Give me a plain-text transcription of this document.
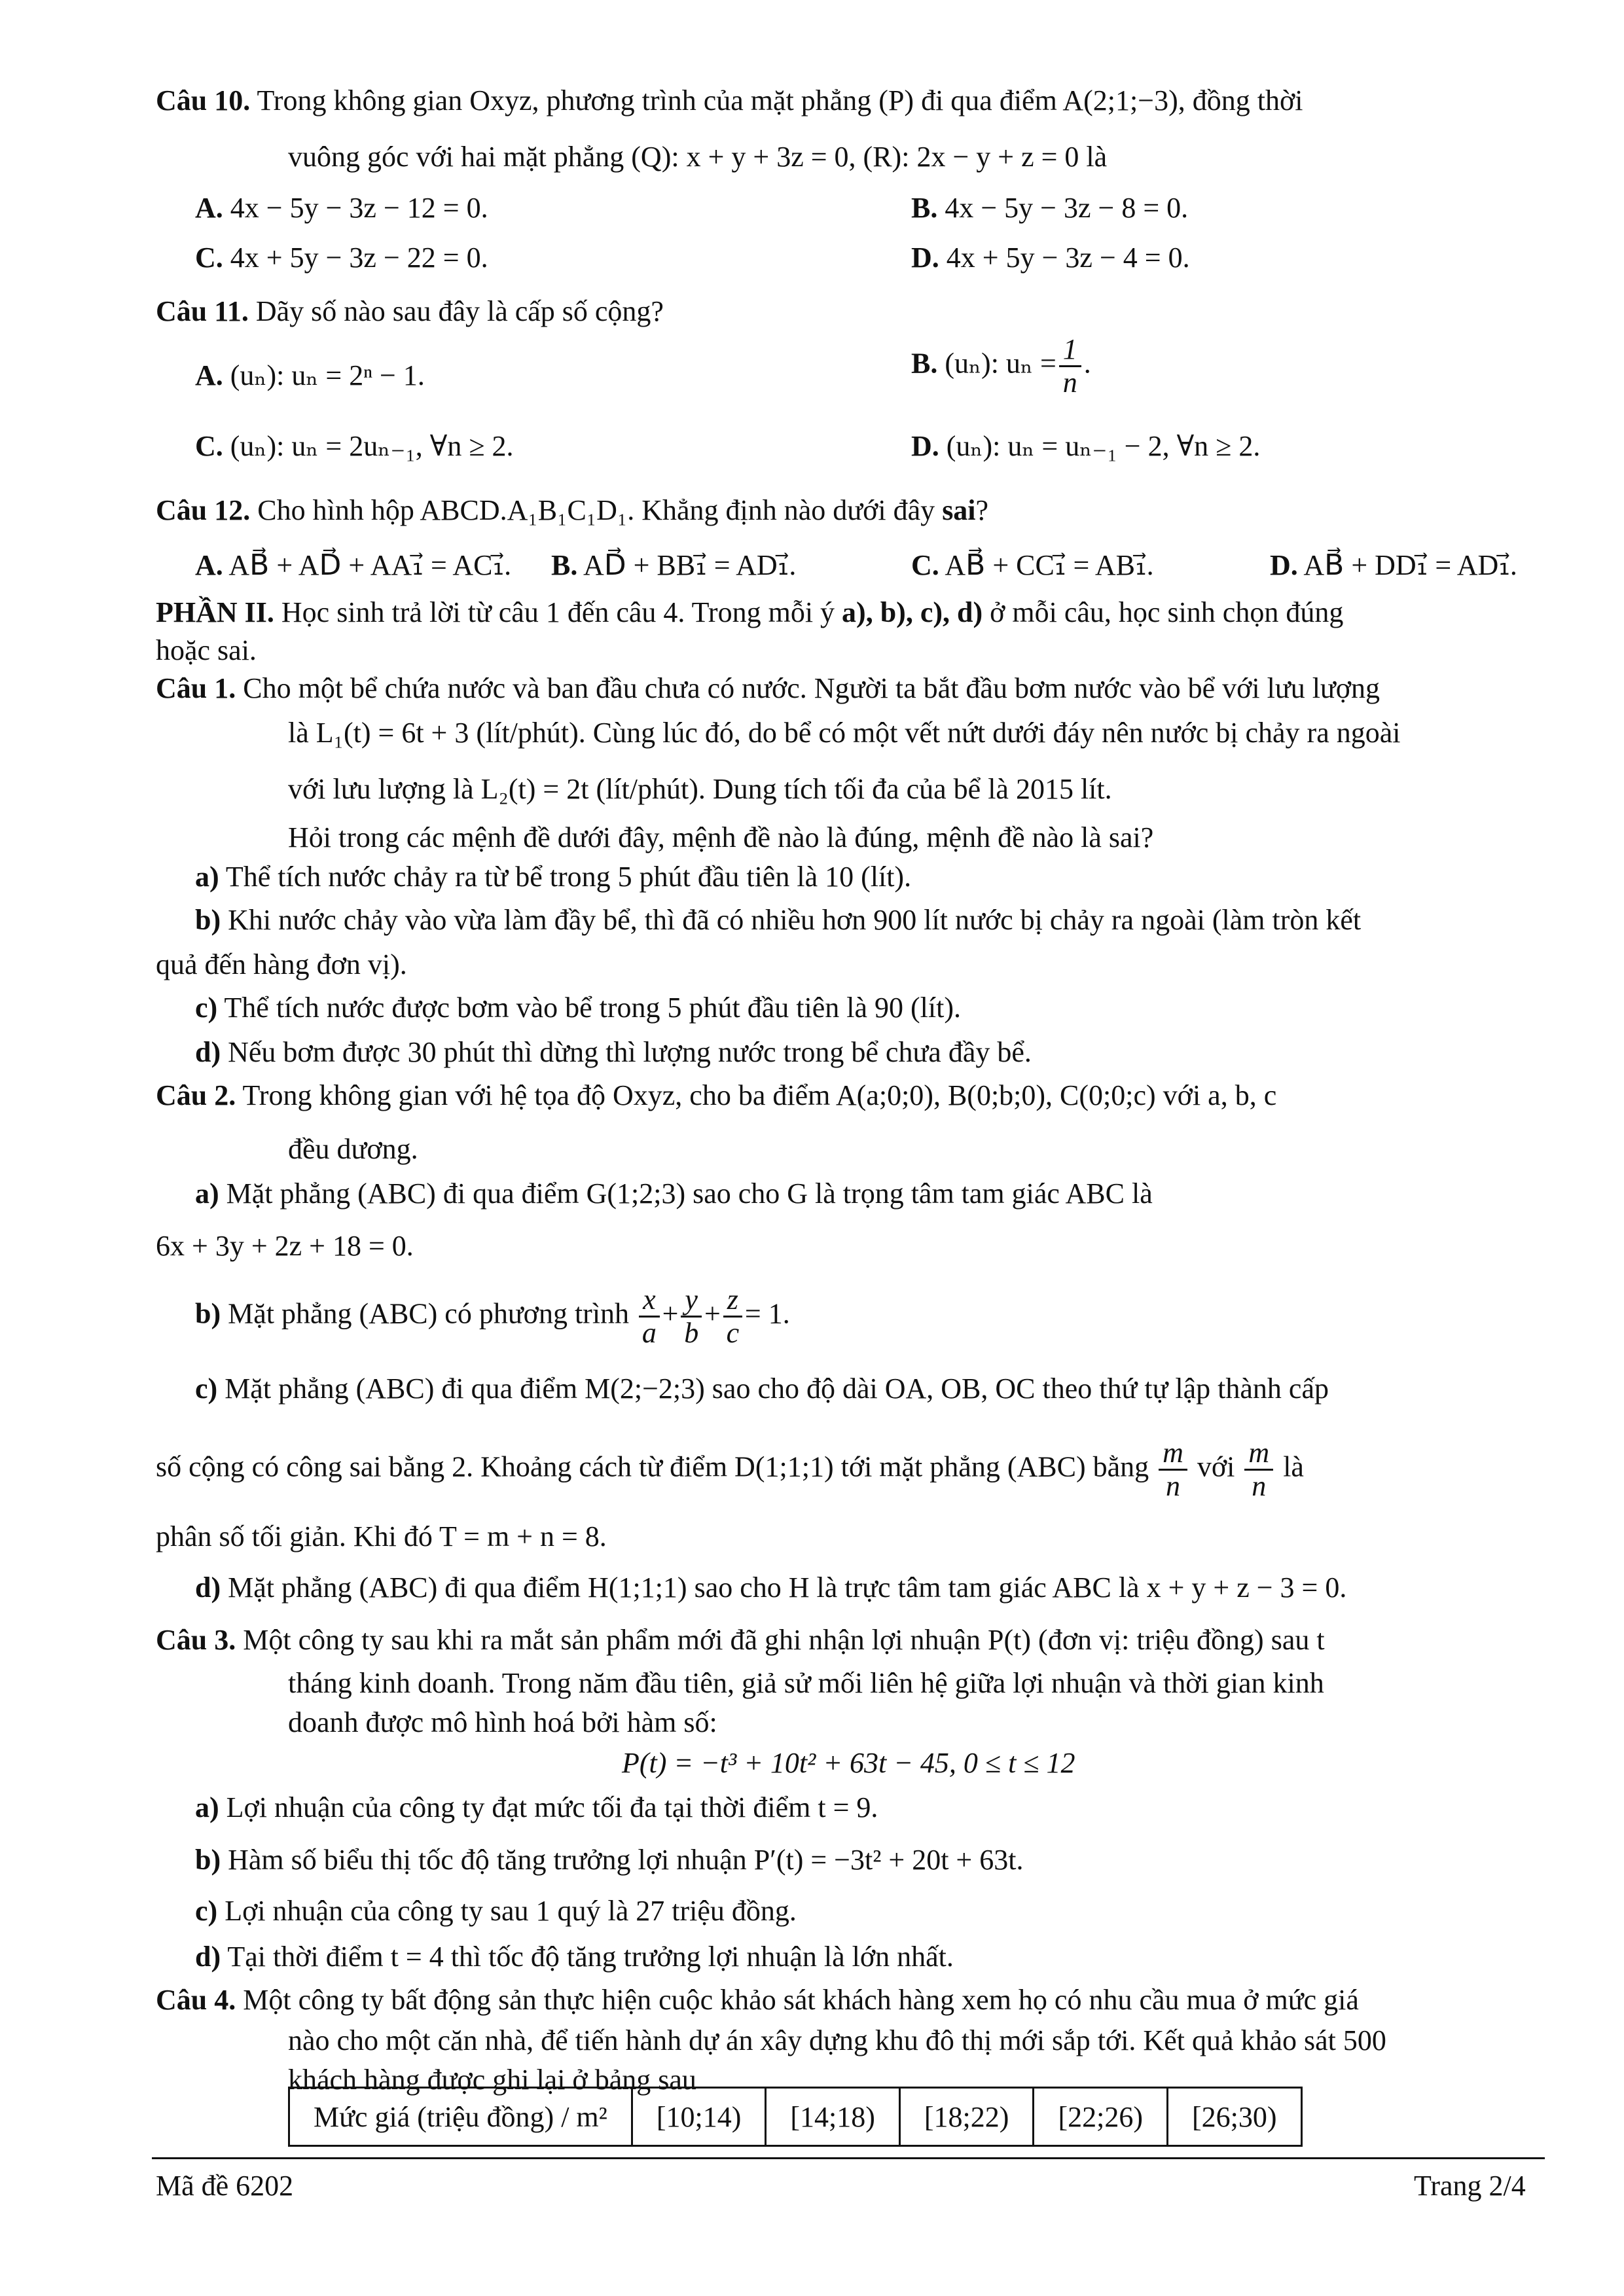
Câu 10. Trong không gian Oxyz, phương trình của mặt phẳng (P) đi qua điểm A(2;1;−3), đồng thời
vuông góc với hai mặt phẳng (Q): x + y + 3z = 0, (R): 2x − y + z = 0 là
A. 4x − 5y − 3z − 12 = 0.	B. 4x − 5y − 3z − 8 = 0.
C. 4x + 5y − 3z − 22 = 0.	D. 4x + 5y − 3z − 4 = 0.
Câu 11. Dãy số nào sau đây là cấp số cộng?
A. (uₙ): uₙ = 2ⁿ − 1.	B. (uₙ): $u_n = \frac{1}{n}$ .
C. (uₙ): uₙ = 2uₙ₋₁, ∀n ≥ 2.	D. (uₙ): uₙ = uₙ₋₁ − 2, ∀n ≥ 2.
Câu 12. Cho hình hộp ABCD.A₁B₁C₁D₁. Khẳng định nào dưới đây sai?
A. AB⃗ + AD⃗ + AA₁⃗ = AC₁⃗. B. AD⃗ + BB₁⃗ = AD₁⃗.	C. AB⃗ + CC₁⃗ = AB₁⃗.	D. AB⃗ + DD₁⃗ = AD₁⃗.
PHẦN II. Học sinh trả lời từ câu 1 đến câu 4. Trong mỗi ý a), b), c), d) ở mỗi câu, học sinh chọn đúng
hoặc sai.
Câu 1. Cho một bể chứa nước và ban đầu chưa có nước. Người ta bắt đầu bơm nước vào bể với lưu lượng
là L₁(t) = 6t + 3 (lít/phút). Cùng lúc đó, do bể có một vết nứt dưới đáy nên nước bị chảy ra ngoài
với lưu lượng là L₂(t) = 2t (lít/phút). Dung tích tối đa của bể là 2015 lít.
Hỏi trong các mệnh đề dưới đây, mệnh đề nào là đúng, mệnh đề nào là sai?
a) Thể tích nước chảy ra từ bể trong 5 phút đầu tiên là 10 (lít).
b) Khi nước chảy vào vừa làm đầy bể, thì đã có nhiều hơn 900 lít nước bị chảy ra ngoài (làm tròn kết
quả đến hàng đơn vị).
c) Thể tích nước được bơm vào bể trong 5 phút đầu tiên là 90 (lít).
d) Nếu bơm được 30 phút thì dừng thì lượng nước trong bể chưa đầy bể.
Câu 2. Trong không gian với hệ tọa độ Oxyz, cho ba điểm A(a;0;0), B(0;b;0), C(0;0;c) với a, b, c
đều dương.
a) Mặt phẳng (ABC) đi qua điểm G(1;2;3) sao cho G là trọng tâm tam giác ABC là
6x + 3y + 2z + 18 = 0.
b) Mặt phẳng (ABC) có phương trình $\frac{x}{a} + \frac{y}{b} + \frac{z}{c} = 1$.
c) Mặt phẳng (ABC) đi qua điểm M(2;−2;3) sao cho độ dài OA, OB, OC theo thứ tự lập thành cấp
số cộng có công sai bằng 2. Khoảng cách từ điểm D(1;1;1) tới mặt phẳng (ABC) bằng $\frac{m}{n}$ với $\frac{m}{n}$ là
phân số tối giản. Khi đó T = m + n = 8.
d) Mặt phẳng (ABC) đi qua điểm H(1;1;1) sao cho H là trực tâm tam giác ABC là x + y + z − 3 = 0.
Câu 3. Một công ty sau khi ra mắt sản phẩm mới đã ghi nhận lợi nhuận P(t) (đơn vị: triệu đồng) sau t
tháng kinh doanh. Trong năm đầu tiên, giả sử mối liên hệ giữa lợi nhuận và thời gian kinh
doanh được mô hình hoá bởi hàm số:
P(t) = −t³ + 10t² + 63t − 45, 0 ≤ t ≤ 12
a) Lợi nhuận của công ty đạt mức tối đa tại thời điểm t = 9.
b) Hàm số biểu thị tốc độ tăng trưởng lợi nhuận P′(t) = −3t² + 20t + 63t.
c) Lợi nhuận của công ty sau 1 quý là 27 triệu đồng.
d) Tại thời điểm t = 4 thì tốc độ tăng trưởng lợi nhuận là lớn nhất.
Câu 4. Một công ty bất động sản thực hiện cuộc khảo sát khách hàng xem họ có nhu cầu mua ở mức giá
nào cho một căn nhà, để tiến hành dự án xây dựng khu đô thị mới sắp tới. Kết quả khảo sát 500
khách hàng được ghi lại ở bảng sau
Mức giá (triệu đồng) / m²	[10;14)	[14;18)	[18;22)	[22;26)	[26;30)
Mã đề 6202	Trang 2/4
